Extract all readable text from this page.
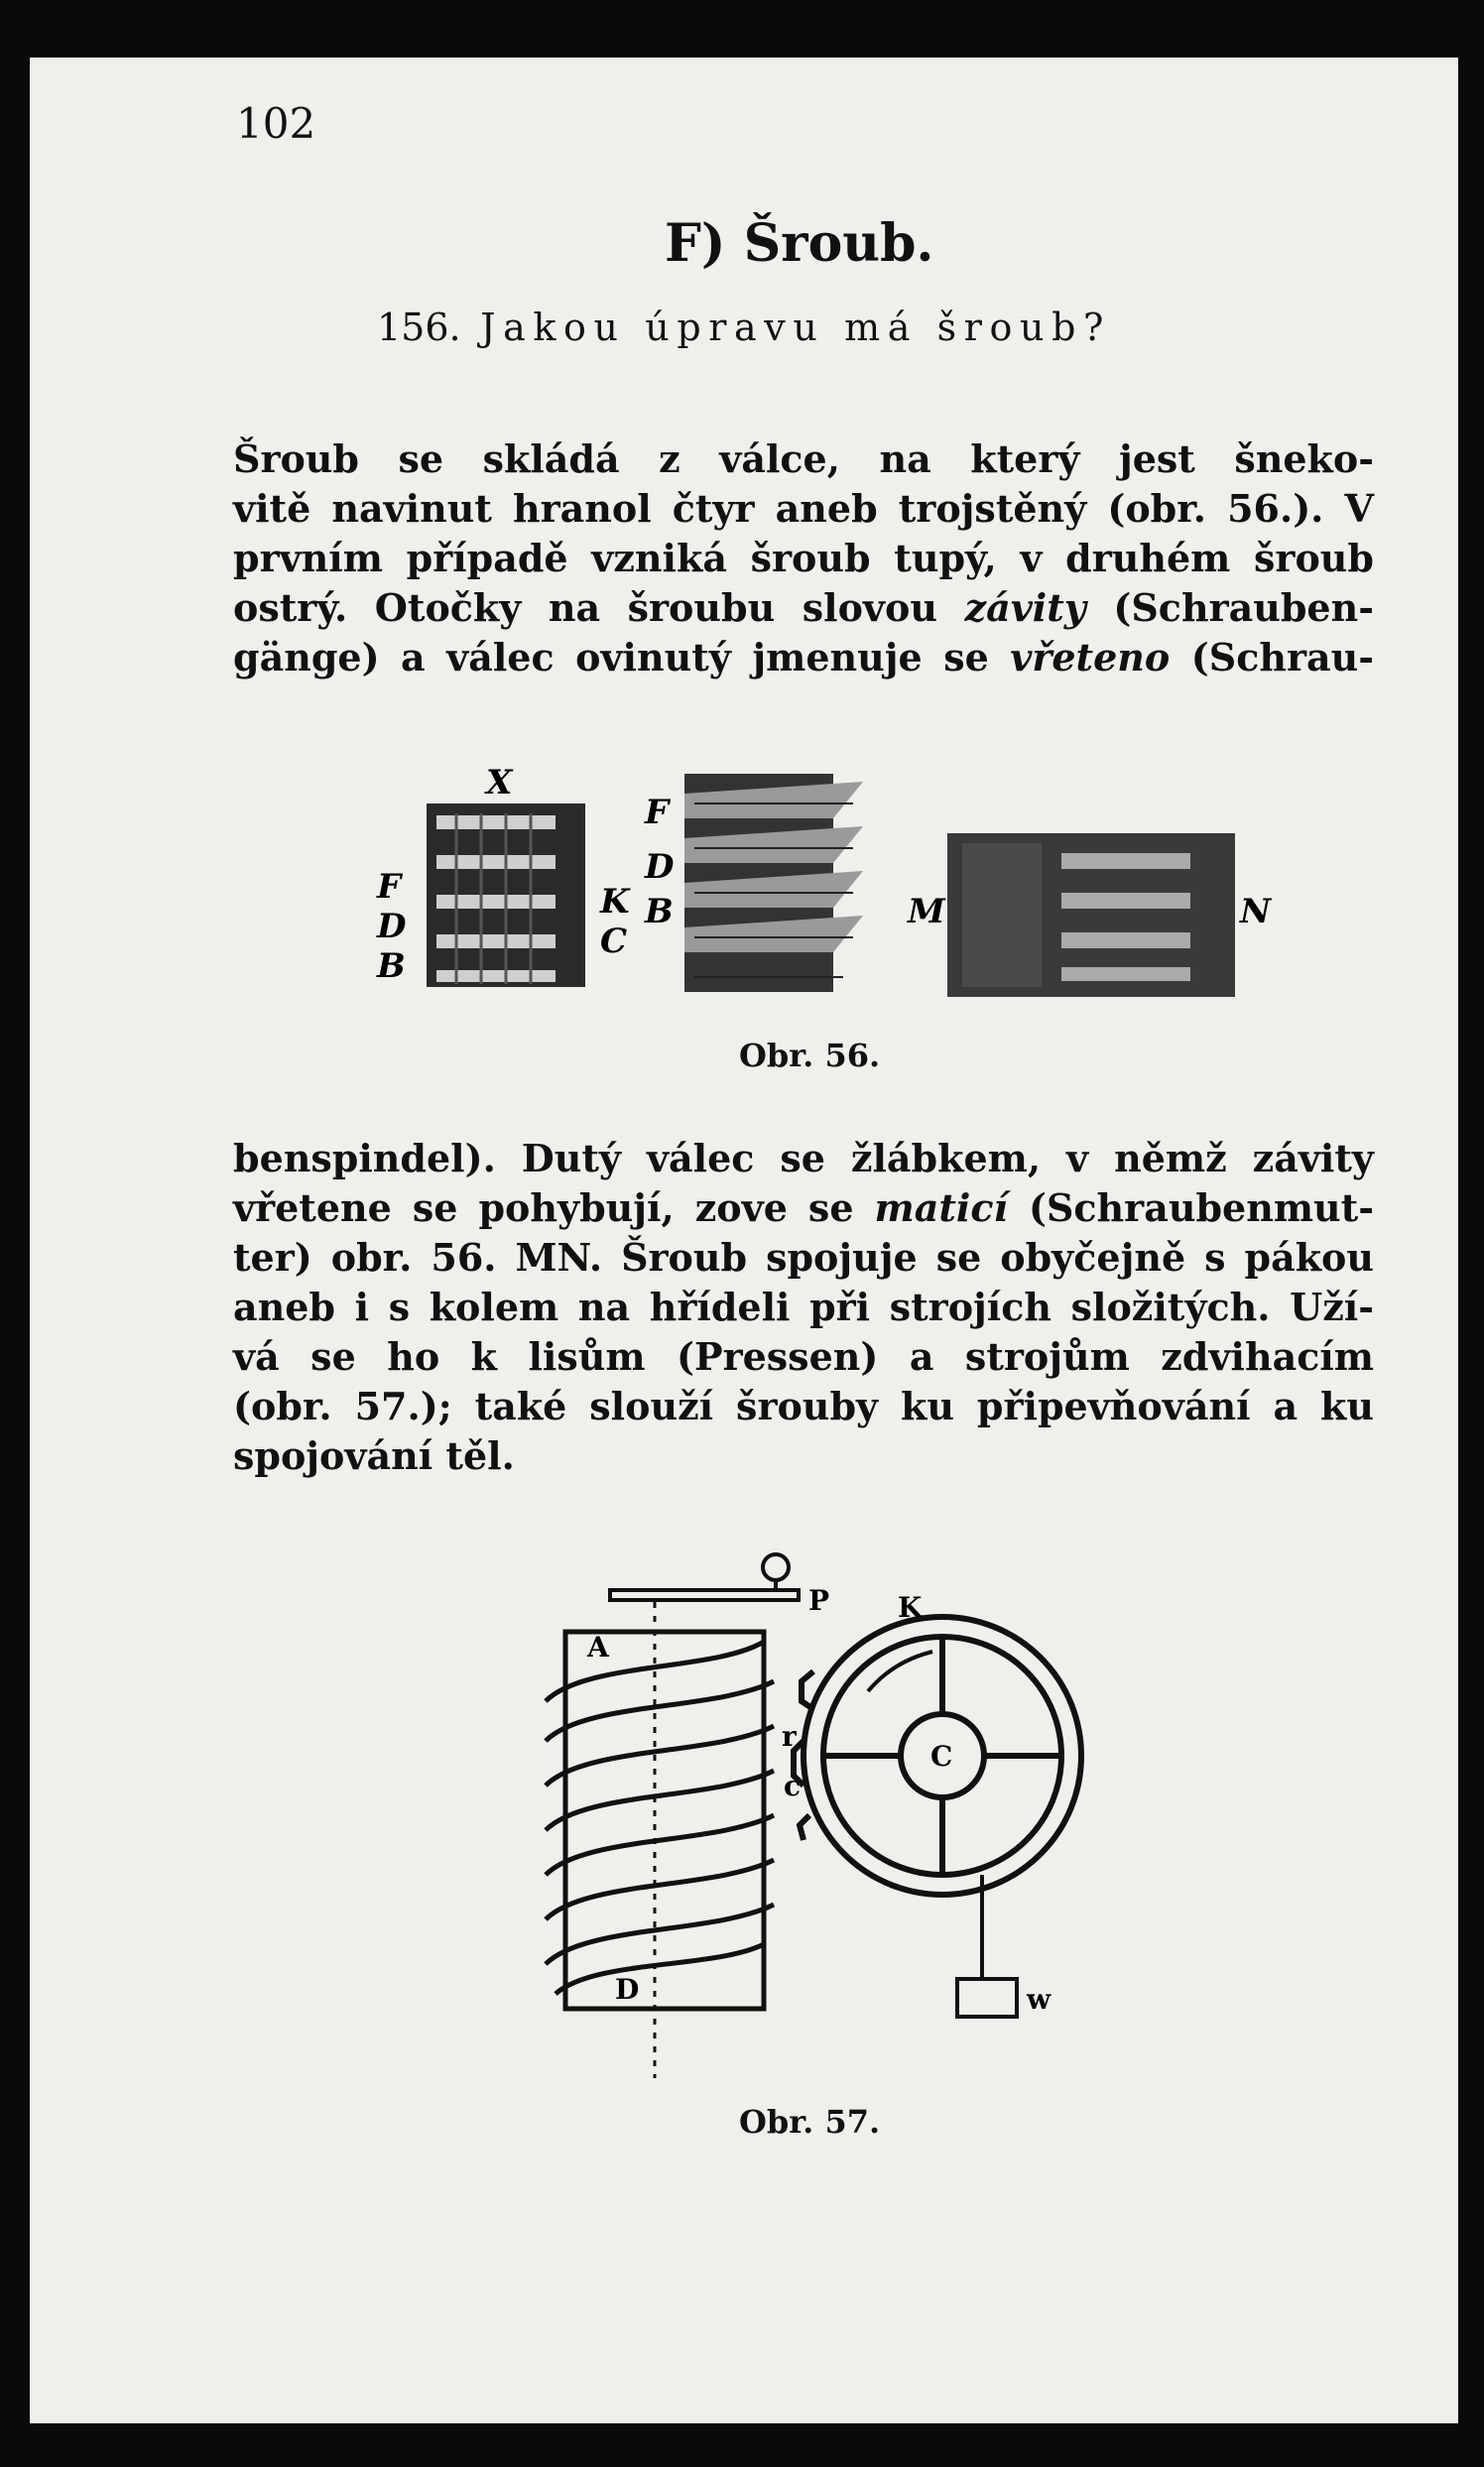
102
F) Šroub.
156. Jakou úpravu má šroub?
Šroub se skládá z válce, na který jest šneko-
vitě navinut hranol čtyr aneb trojstěný (obr. 56.). V
prvním případě vzniká šroub tupý, v druhém šroub
ostrý. Otočky na šroubu slovou závity (Schrauben-
gänge) a válec ovinutý jmenuje se vřeteno (Schrau-
X
F
D
B
K
C
F
D
B	M	N
Obr. 56.
benspindel). Dutý válec se žlábkem, v němž závity
vřetene se pohybují, zove se maticí (Schraubenmut-
ter) obr. 56. MN. Šroub spojuje se obyčejně s pákou
aneb i s kolem na hřídeli při strojích složitých. Uží-
vá se ho k lisům (Pressen) a strojům zdvihacím
(obr. 57.); také slouží šrouby ku připevňování a ku
spojování těl.
P K
A
r
c
C
D	w
Obr. 57.
